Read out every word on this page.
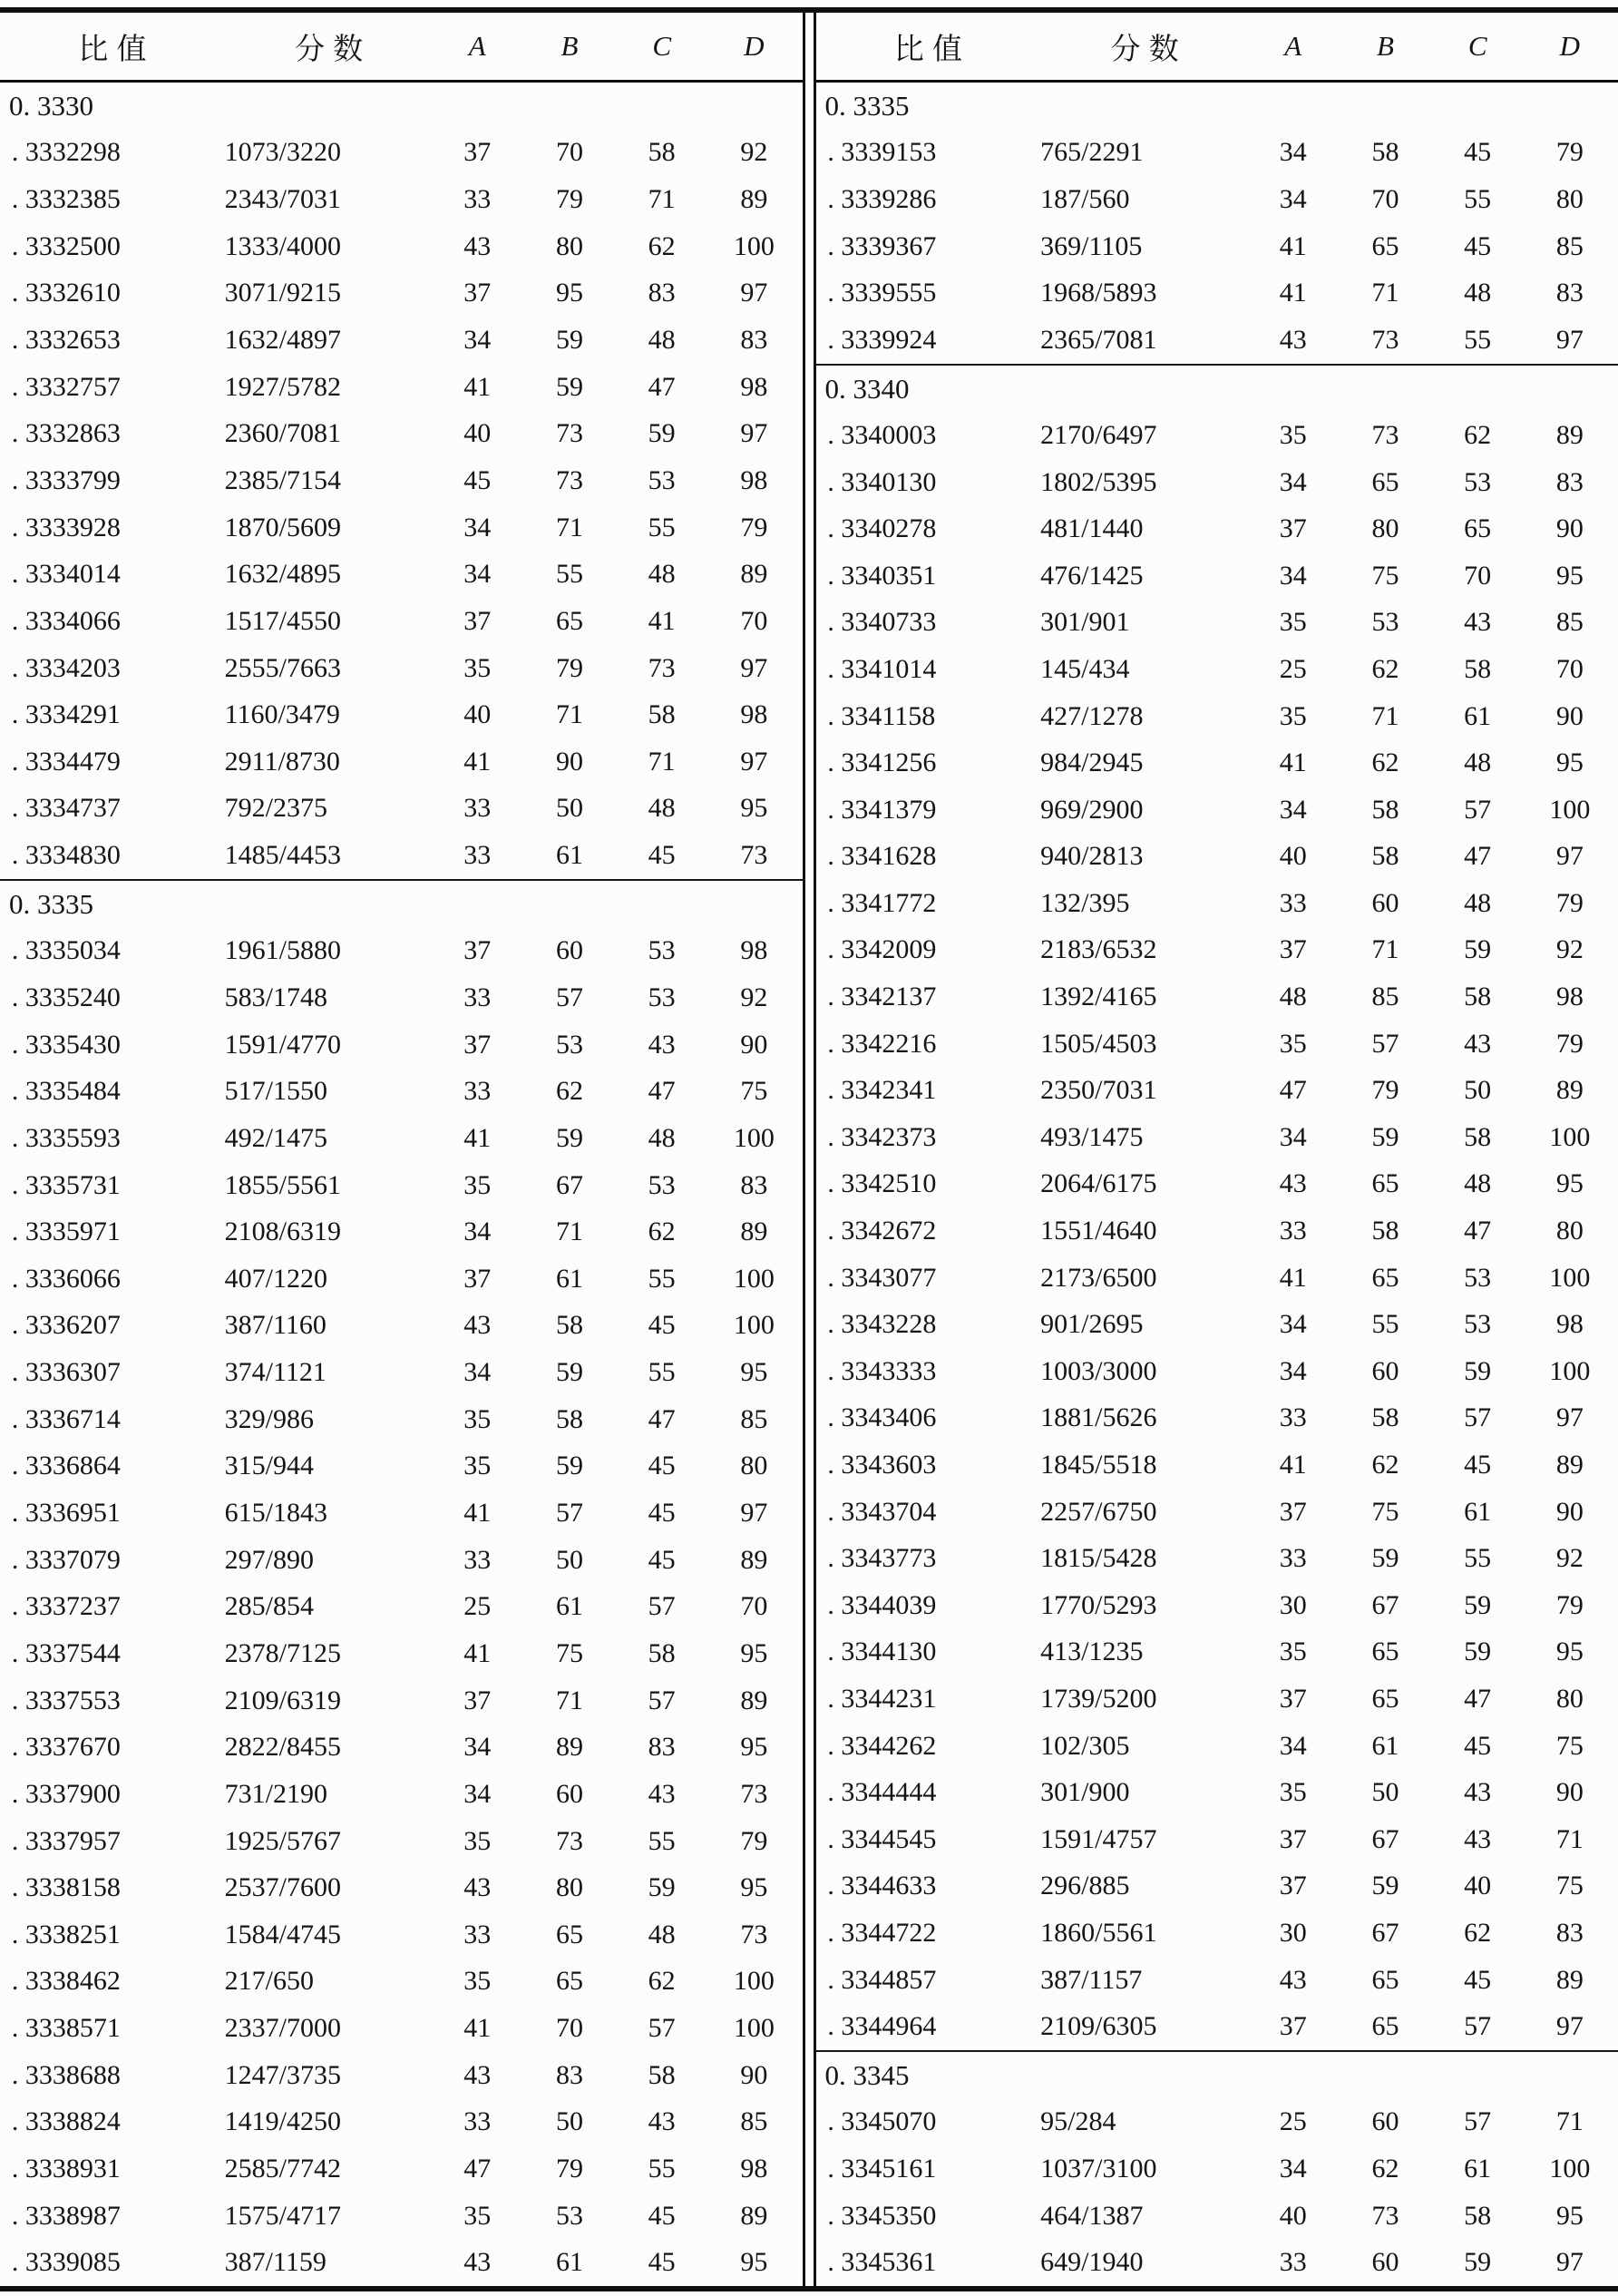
比值	分数	A	B	C	D
0. 3330
. 3332298	1073/3220	37	70	58	92
. 3332385	2343/7031	33	79	71	89
. 3332500	1333/4000	43	80	62	100
. 3332610	3071/9215	37	95	83	97
. 3332653	1632/4897	34	59	48	83
. 3332757	1927/5782	41	59	47	98
. 3332863	2360/7081	40	73	59	97
. 3333799	2385/7154	45	73	53	98
. 3333928	1870/5609	34	71	55	79
. 3334014	1632/4895	34	55	48	89
. 3334066	1517/4550	37	65	41	70
. 3334203	2555/7663	35	79	73	97
. 3334291	1160/3479	40	71	58	98
. 3334479	2911/8730	41	90	71	97
. 3334737	792/2375	33	50	48	95
. 3334830	1485/4453	33	61	45	73
0. 3335
. 3335034	1961/5880	37	60	53	98
. 3335240	583/1748	33	57	53	92
. 3335430	1591/4770	37	53	43	90
. 3335484	517/1550	33	62	47	75
. 3335593	492/1475	41	59	48	100
. 3335731	1855/5561	35	67	53	83
. 3335971	2108/6319	34	71	62	89
. 3336066	407/1220	37	61	55	100
. 3336207	387/1160	43	58	45	100
. 3336307	374/1121	34	59	55	95
. 3336714	329/986	35	58	47	85
. 3336864	315/944	35	59	45	80
. 3336951	615/1843	41	57	45	97
. 3337079	297/890	33	50	45	89
. 3337237	285/854	25	61	57	70
. 3337544	2378/7125	41	75	58	95
. 3337553	2109/6319	37	71	57	89
. 3337670	2822/8455	34	89	83	95
. 3337900	731/2190	34	60	43	73
. 3337957	1925/5767	35	73	55	79
. 3338158	2537/7600	43	80	59	95
. 3338251	1584/4745	33	65	48	73
. 3338462	217/650	35	65	62	100
. 3338571	2337/7000	41	70	57	100
. 3338688	1247/3735	43	83	58	90
. 3338824	1419/4250	33	50	43	85
. 3338931	2585/7742	47	79	55	98
. 3338987	1575/4717	35	53	45	89
. 3339085	387/1159	43	61	45	95
比值	分数	A	B	C	D
0. 3335
. 3339153	765/2291	34	58	45	79
. 3339286	187/560	34	70	55	80
. 3339367	369/1105	41	65	45	85
. 3339555	1968/5893	41	71	48	83
. 3339924	2365/7081	43	73	55	97
0. 3340
. 3340003	2170/6497	35	73	62	89
. 3340130	1802/5395	34	65	53	83
. 3340278	481/1440	37	80	65	90
. 3340351	476/1425	34	75	70	95
. 3340733	301/901	35	53	43	85
. 3341014	145/434	25	62	58	70
. 3341158	427/1278	35	71	61	90
. 3341256	984/2945	41	62	48	95
. 3341379	969/2900	34	58	57	100
. 3341628	940/2813	40	58	47	97
. 3341772	132/395	33	60	48	79
. 3342009	2183/6532	37	71	59	92
. 3342137	1392/4165	48	85	58	98
. 3342216	1505/4503	35	57	43	79
. 3342341	2350/7031	47	79	50	89
. 3342373	493/1475	34	59	58	100
. 3342510	2064/6175	43	65	48	95
. 3342672	1551/4640	33	58	47	80
. 3343077	2173/6500	41	65	53	100
. 3343228	901/2695	34	55	53	98
. 3343333	1003/3000	34	60	59	100
. 3343406	1881/5626	33	58	57	97
. 3343603	1845/5518	41	62	45	89
. 3343704	2257/6750	37	75	61	90
. 3343773	1815/5428	33	59	55	92
. 3344039	1770/5293	30	67	59	79
. 3344130	413/1235	35	65	59	95
. 3344231	1739/5200	37	65	47	80
. 3344262	102/305	34	61	45	75
. 3344444	301/900	35	50	43	90
. 3344545	1591/4757	37	67	43	71
. 3344633	296/885	37	59	40	75
. 3344722	1860/5561	30	67	62	83
. 3344857	387/1157	43	65	45	89
. 3344964	2109/6305	37	65	57	97
0. 3345
. 3345070	95/284	25	60	57	71
. 3345161	1037/3100	34	62	61	100
. 3345350	464/1387	40	73	58	95
. 3345361	649/1940	33	60	59	97
